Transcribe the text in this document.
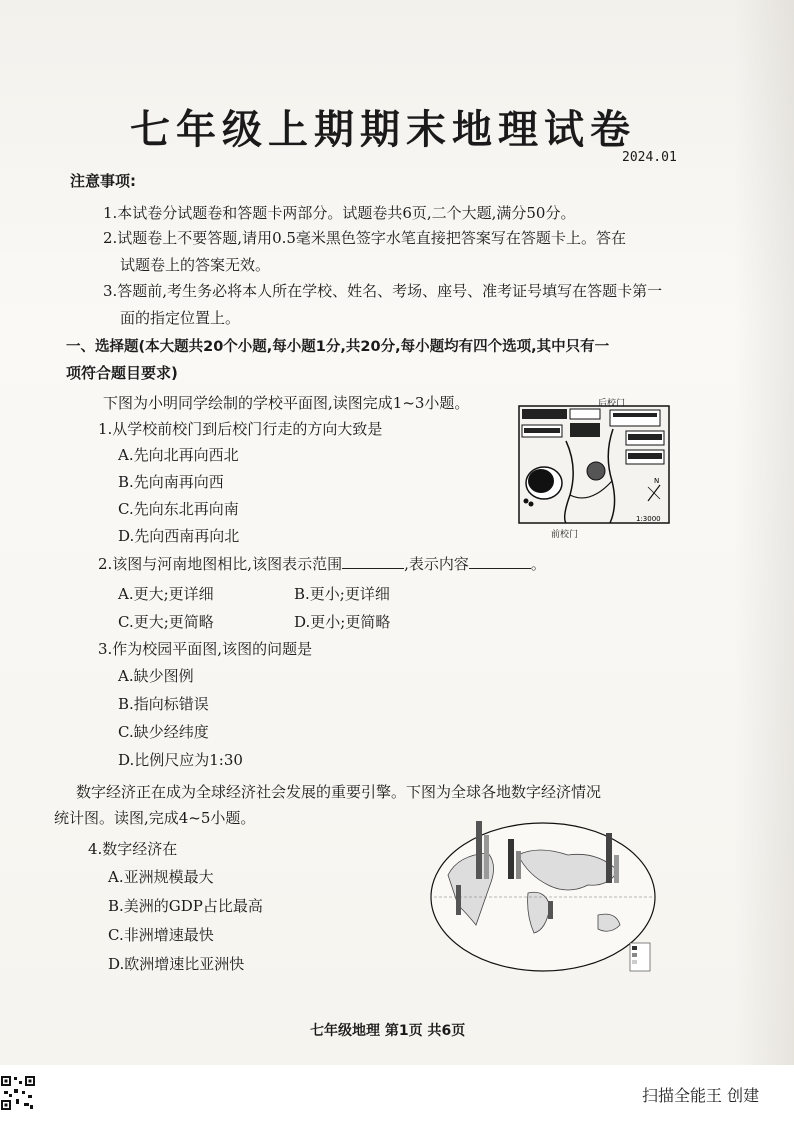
七年级上期期末地理试卷
2024.01
注意事项:
1.本试卷分试题卷和答题卡两部分。试题卷共6页,二个大题,满分50分。
2.试题卷上不要答题,请用0.5毫米黑色签字水笔直接把答案写在答题卡上。答在
试题卷上的答案无效。
3.答题前,考生务必将本人所在学校、姓名、考场、座号、准考证号填写在答题卡第一
面的指定位置上。
一、选择题(本大题共20个小题,每小题1分,共20分,每小题均有四个选项,其中只有一
项符合题目要求)
下图为小明同学绘制的学校平面图,读图完成1~3小题。
1.从学校前校门到后校门行走的方向大致是
A.先向北再向西北
B.先向南再向西
C.先向东北再向南
D.先向西南再向北
2.该图与河南地图相比,该图表示范围	,表示内容	。
A.更大;更详细	B.更小;更详细
C.更大;更简略	D.更小;更简略
3.作为校园平面图,该图的问题是
A.缺少图例
B.指向标错误
C.缺少经纬度
D.比例尺应为1:30
数字经济正在成为全球经济社会发展的重要引擎。下图为全球各地数字经济情况
统计图。读图,完成4~5小题。
4.数字经济在
A.亚洲规模最大
B.美洲的GDP占比最高
C.非洲增速最快
D.欧洲增速比亚洲快
N
1:3000
后校门
前校门
七年级地理 第1页 共6页
扫描全能王 创建
